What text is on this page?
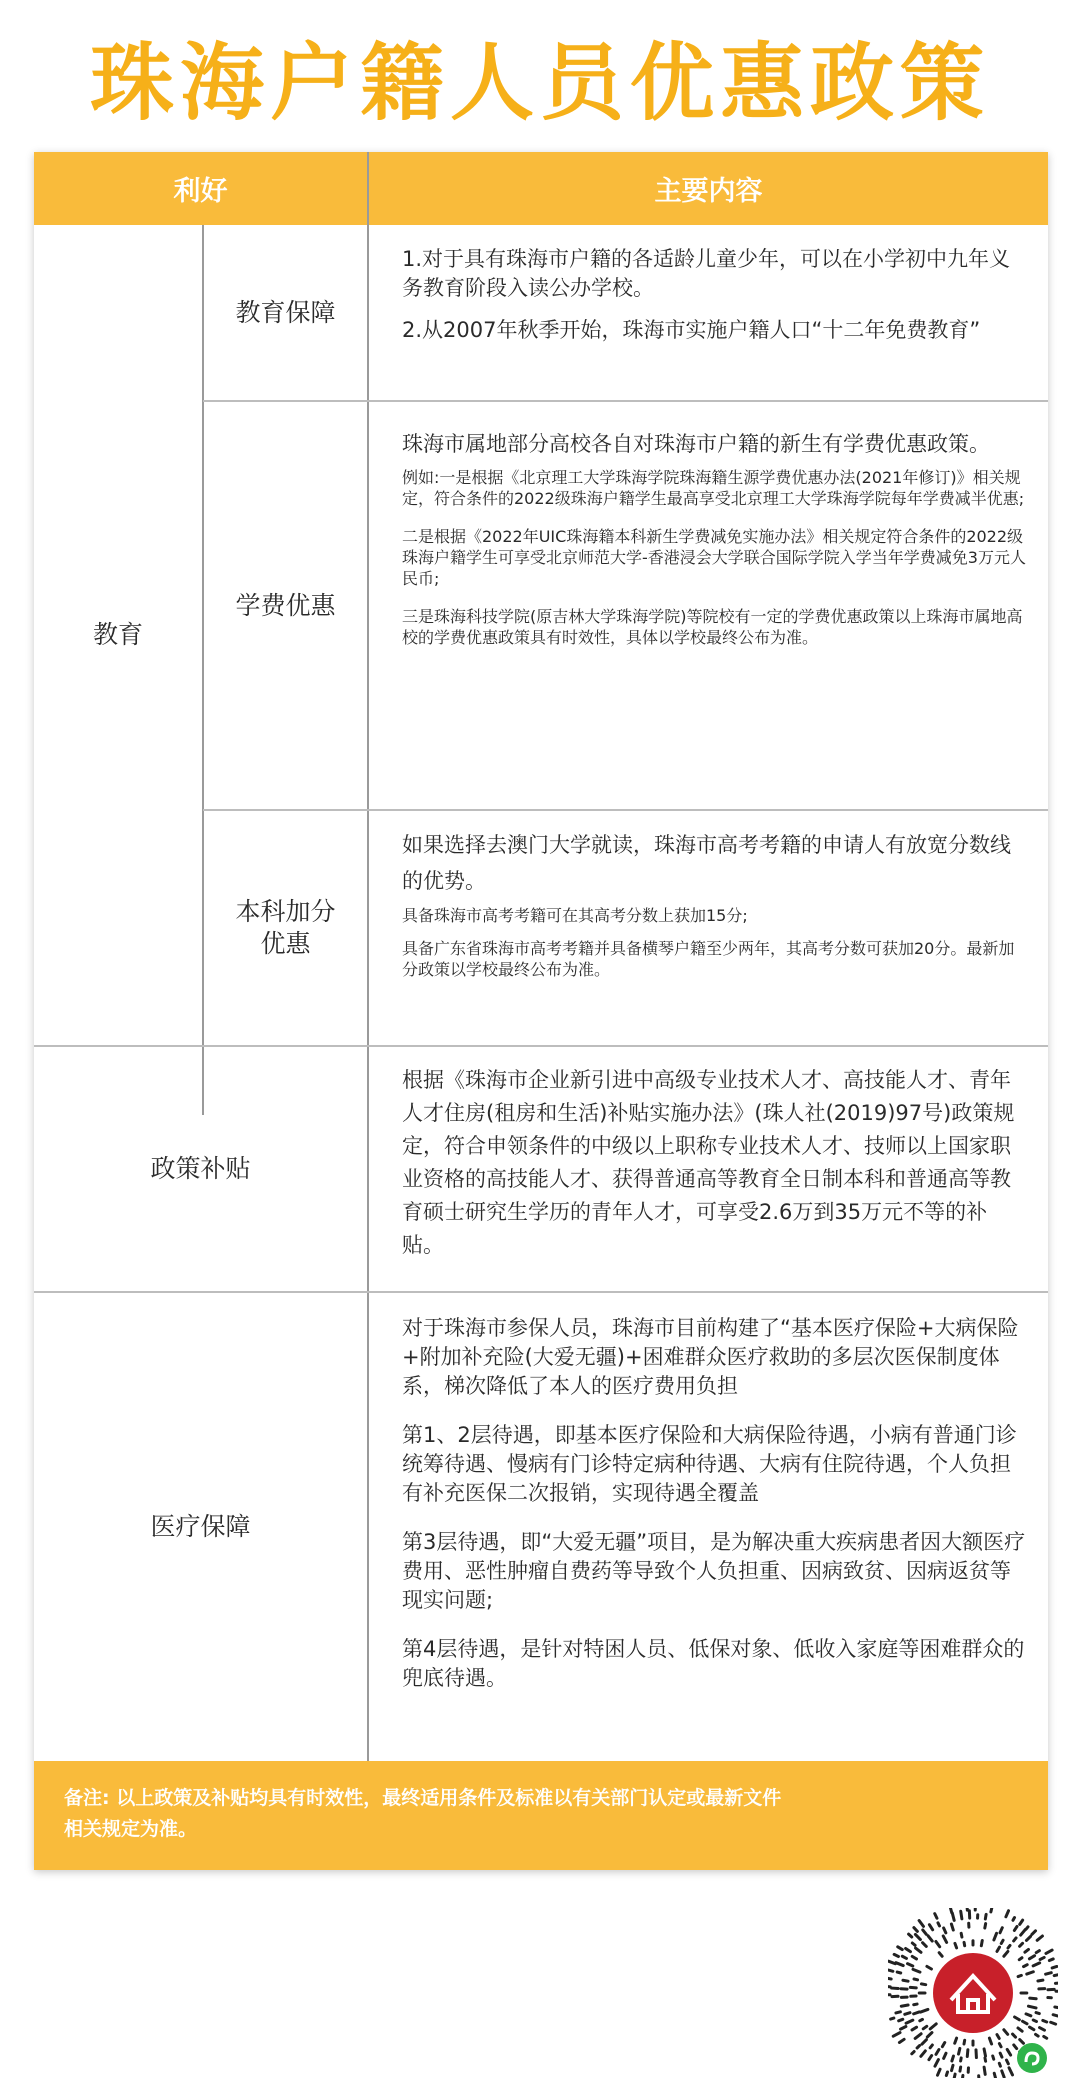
珠海户籍人员优惠政策
利好	主要内容
教育
教育保障

1.对于具有珠海市户籍的各适龄儿童少年，可以在小学初中九年义务教育阶段入读公办学校。

2.从2007年秋季开始，珠海市实施户籍人口“十二年免费教育”

学费优惠

珠海市属地部分高校各自对珠海市户籍的新生有学费优惠政策。

例如:一是根据《北京理工大学珠海学院珠海籍生源学费优惠办法(2021年修订)》相关规定，符合条件的2022级珠海户籍学生最高享受北京理工大学珠海学院每年学费减半优惠;

二是根据《2022年UIC珠海籍本科新生学费减免实施办法》相关规定符合条件的2022级珠海户籍学生可享受北京师范大学-香港浸会大学联合国际学院入学当年学费减免3万元人民币;

三是珠海科技学院(原吉林大学珠海学院)等院校有一定的学费优惠政策以上珠海市属地高校的学费优惠政策具有时效性，具体以学校最终公布为准。

本科加分
优惠

如果选择去澳门大学就读，珠海市高考考籍的申请人有放宽分数线的优势。

具备珠海市高考考籍可在其高考分数上获加15分;

具备广东省珠海市高考考籍并具备横琴户籍至少两年，其高考分数可获加20分。最新加分政策以学校最终公布为准。

政策补贴

根据《珠海市企业新引进中高级专业技术人才、高技能人才、青年人才住房(租房和生活)补贴实施办法》(珠人社(2019)97号)政策规定，符合申领条件的中级以上职称专业技术人才、技师以上国家职业资格的高技能人才、获得普通高等教育全日制本科和普通高等教育硕士研究生学历的青年人才，可享受2.6万到35万元不等的补贴。

医疗保障

对于珠海市参保人员，珠海市目前构建了“基本医疗保险+大病保险+附加补充险(大爱无疆)+困难群众医疗救助的多层次医保制度体系，梯次降低了本人的医疗费用负担

第1、2层待遇，即基本医疗保险和大病保险待遇，小病有普通门诊统筹待遇、慢病有门诊特定病种待遇、大病有住院待遇，个人负担有补充医保二次报销，实现待遇全覆盖

第3层待遇，即“大爱无疆”项目，是为解决重大疾病患者因大额医疗费用、恶性肿瘤自费药等导致个人负担重、因病致贫、因病返贫等现实问题;

第4层待遇，是针对特困人员、低保对象、低收入家庭等困难群众的兜底待遇。

备注: 以上政策及补贴均具有时效性，最终适用条件及标准以有关部门认定或最新文件
相关规定为准。
